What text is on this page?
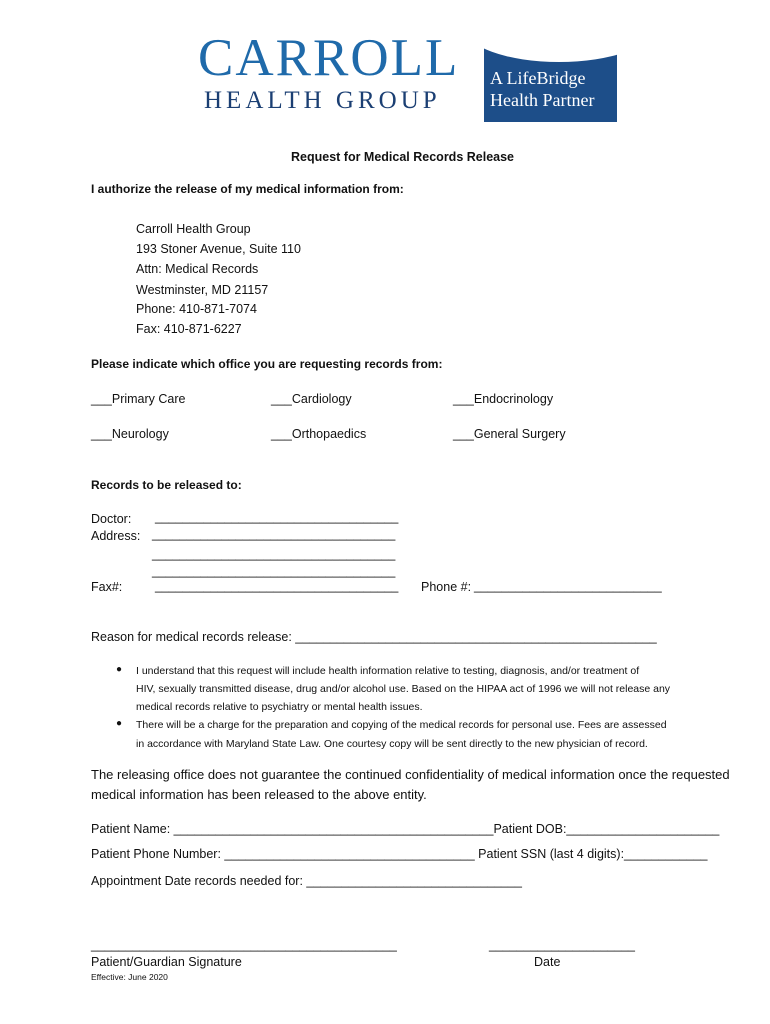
CARROLL
HEALTH GROUP
A LifeBridge
Health Partner
Request for Medical Records Release
I authorize the release of my medical information from:
Carroll Health Group
193 Stoner Avenue, Suite 110
Attn: Medical Records
Westminster, MD 21157
Phone: 410-871-7074
Fax: 410-871-6227
Please indicate which office you are requesting records from:
___Primary Care	___Cardiology	___Endocrinology
___Neurology	___Orthopaedics	___General Surgery
Records to be released to:
Doctor: ___________________________________
Address: ___________________________________
___________________________________
___________________________________
Fax#:	___________________________________ Phone #: ___________________________
Reason for medical records release: ____________________________________________________
● I understand that this request will include health information relative to testing, diagnosis, and/or treatment of
HIV, sexually transmitted disease, drug and/or alcohol use. Based on the HIPAA act of 1996 we will not release any
medical records relative to psychiatry or mental health issues.
● There will be a charge for the preparation and copying of the medical records for personal use. Fees are assessed
in accordance with Maryland State Law. One courtesy copy will be sent directly to the new physician of record.
The releasing office does not guarantee the continued confidentiality of medical information once the requested
medical information has been released to the above entity.
Patient Name: ______________________________________________Patient DOB:______________________
Patient Phone Number: ____________________________________ Patient SSN (last 4 digits):____________
Appointment Date records needed for: _______________________________
____________________________________________	_____________________
Patient/Guardian Signature	Date
Effective: June 2020
